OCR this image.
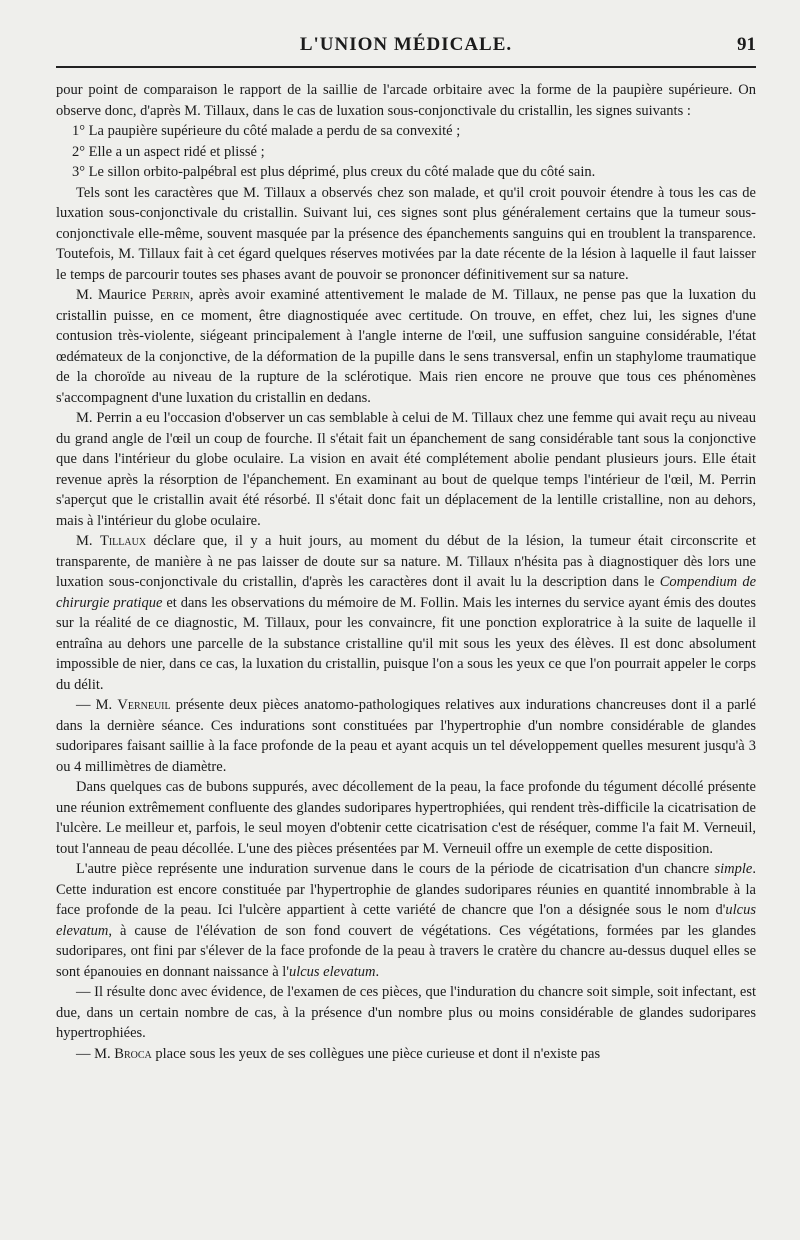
L'UNION MÉDICALE.	91

pour point de comparaison le rapport de la saillie de l'arcade orbitaire avec la forme de la paupière supérieure. On observe donc, d'après M. Tillaux, dans le cas de luxation sous-conjonctivale du cristallin, les signes suivants :

1° La paupière supérieure du côté malade a perdu de sa convexité ;

2° Elle a un aspect ridé et plissé ;

3° Le sillon orbito-palpébral est plus déprimé, plus creux du côté malade que du côté sain.

Tels sont les caractères que M. Tillaux a observés chez son malade, et qu'il croit pouvoir étendre à tous les cas de luxation sous-conjonctivale du cristallin. Suivant lui, ces signes sont plus généralement certains que la tumeur sous-conjonctivale elle-même, souvent masquée par la présence des épanchements sanguins qui en troublent la transparence. Toutefois, M. Tillaux fait à cet égard quelques réserves motivées par la date récente de la lésion à laquelle il faut laisser le temps de parcourir toutes ses phases avant de pouvoir se prononcer définitivement sur sa nature.

M. Maurice Perrin, après avoir examiné attentivement le malade de M. Tillaux, ne pense pas que la luxation du cristallin puisse, en ce moment, être diagnostiquée avec certitude. On trouve, en effet, chez lui, les signes d'une contusion très-violente, siégeant principalement à l'angle interne de l'œil, une suffusion sanguine considérable, l'état œdémateux de la conjonctive, de la déformation de la pupille dans le sens transversal, enfin un staphylome traumatique de la choroïde au niveau de la rupture de la sclérotique. Mais rien encore ne prouve que tous ces phénomènes s'accompagnent d'une luxation du cristallin en dedans.

M. Perrin a eu l'occasion d'observer un cas semblable à celui de M. Tillaux chez une femme qui avait reçu au niveau du grand angle de l'œil un coup de fourche. Il s'était fait un épanchement de sang considérable tant sous la conjonctive que dans l'intérieur du globe oculaire. La vision en avait été complétement abolie pendant plusieurs jours. Elle était revenue après la résorption de l'épanchement. En examinant au bout de quelque temps l'intérieur de l'œil, M. Perrin s'aperçut que le cristallin avait été résorbé. Il s'était donc fait un déplacement de la lentille cristalline, non au dehors, mais à l'intérieur du globe oculaire.

M. Tillaux déclare que, il y a huit jours, au moment du début de la lésion, la tumeur était circonscrite et transparente, de manière à ne pas laisser de doute sur sa nature. M. Tillaux n'hésita pas à diagnostiquer dès lors une luxation sous-conjonctivale du cristallin, d'après les caractères dont il avait lu la description dans le Compendium de chirurgie pratique et dans les observations du mémoire de M. Follin. Mais les internes du service ayant émis des doutes sur la réalité de ce diagnostic, M. Tillaux, pour les convaincre, fit une ponction exploratrice à la suite de laquelle il entraîna au dehors une parcelle de la substance cristalline qu'il mit sous les yeux des élèves. Il est donc absolument impossible de nier, dans ce cas, la luxation du cristallin, puisque l'on a sous les yeux ce que l'on pourrait appeler le corps du délit.

— M. Verneuil présente deux pièces anatomo-pathologiques relatives aux indurations chancreuses dont il a parlé dans la dernière séance. Ces indurations sont constituées par l'hypertrophie d'un nombre considérable de glandes sudoripares faisant saillie à la face profonde de la peau et ayant acquis un tel développement quelles mesurent jusqu'à 3 ou 4 millimètres de diamètre.

Dans quelques cas de bubons suppurés, avec décollement de la peau, la face profonde du tégument décollé présente une réunion extrêmement confluente des glandes sudoripares hypertrophiées, qui rendent très-difficile la cicatrisation de l'ulcère. Le meilleur et, parfois, le seul moyen d'obtenir cette cicatrisation c'est de réséquer, comme l'a fait M. Verneuil, tout l'anneau de peau décollée. L'une des pièces présentées par M. Verneuil offre un exemple de cette disposition.

L'autre pièce représente une induration survenue dans le cours de la période de cicatrisation d'un chancre simple. Cette induration est encore constituée par l'hypertrophie de glandes sudoripares réunies en quantité innombrable à la face profonde de la peau. Ici l'ulcère appartient à cette variété de chancre que l'on a désignée sous le nom d'ulcus elevatum, à cause de l'élévation de son fond couvert de végétations. Ces végétations, formées par les glandes sudoripares, ont fini par s'élever de la face profonde de la peau à travers le cratère du chancre au-dessus duquel elles se sont épanouies en donnant naissance à l'ulcus elevatum.

— Il résulte donc avec évidence, de l'examen de ces pièces, que l'induration du chancre soit simple, soit infectant, est due, dans un certain nombre de cas, à la présence d'un nombre plus ou moins considérable de glandes sudoripares hypertrophiées.

— M. Broca place sous les yeux de ses collègues une pièce curieuse et dont il n'existe pas
